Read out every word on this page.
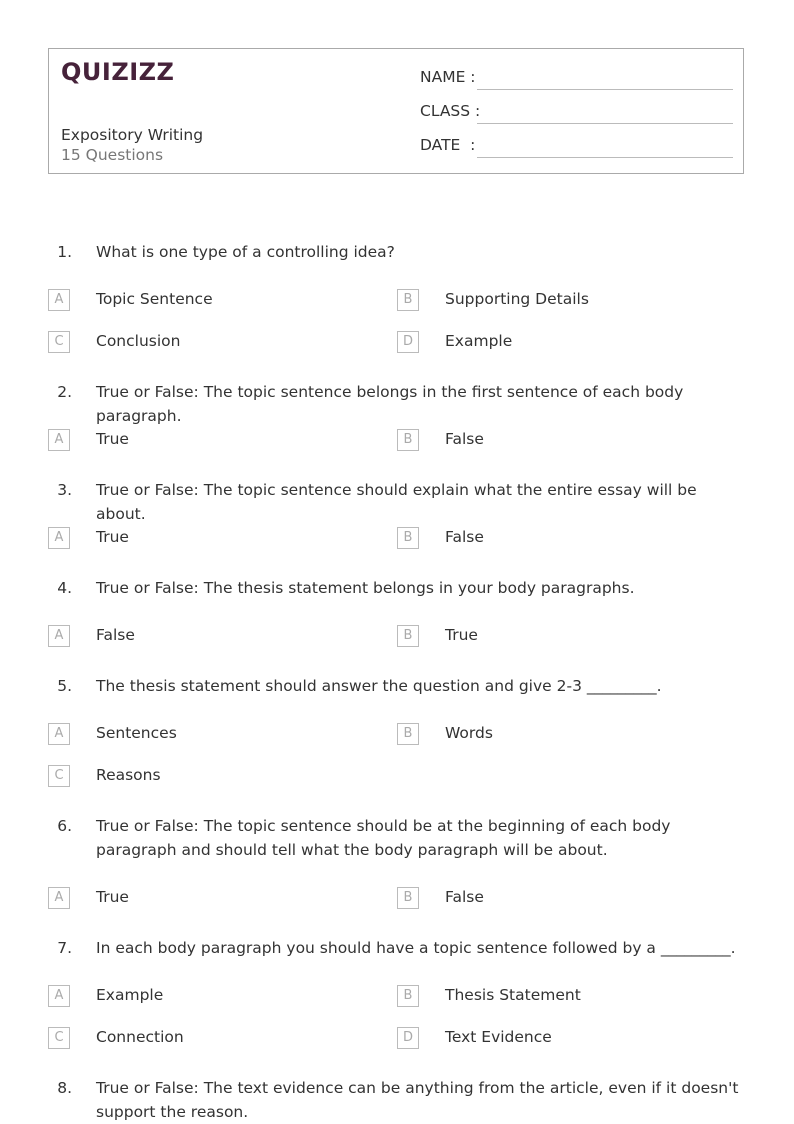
QUIZIZZ
Expository Writing
15 Questions
NAME :
CLASS :
DATE  :
1. What is one type of a controlling idea?
A	Topic Sentence	B	Supporting Details
C	Conclusion	D	Example
2. True or False: The topic sentence belongs in the first sentence of each body paragraph.
A	True	B	False
3. True or False: The topic sentence should explain what the entire essay will be about.
A	True	B	False
4. True or False: The thesis statement belongs in your body paragraphs.
A	False	B	True
5. The thesis statement should answer the question and give 2-3 _________.
A	Sentences	B	Words
C	Reasons
6. True or False: The topic sentence should be at the beginning of each body paragraph and should tell what the body paragraph will be about.
A	True	B	False
7. In each body paragraph you should have a topic sentence followed by a _________.
A	Example	B	Thesis Statement
C	Connection	D	Text Evidence
8. True or False: The text evidence can be anything from the article, even if it doesn't support the reason.
